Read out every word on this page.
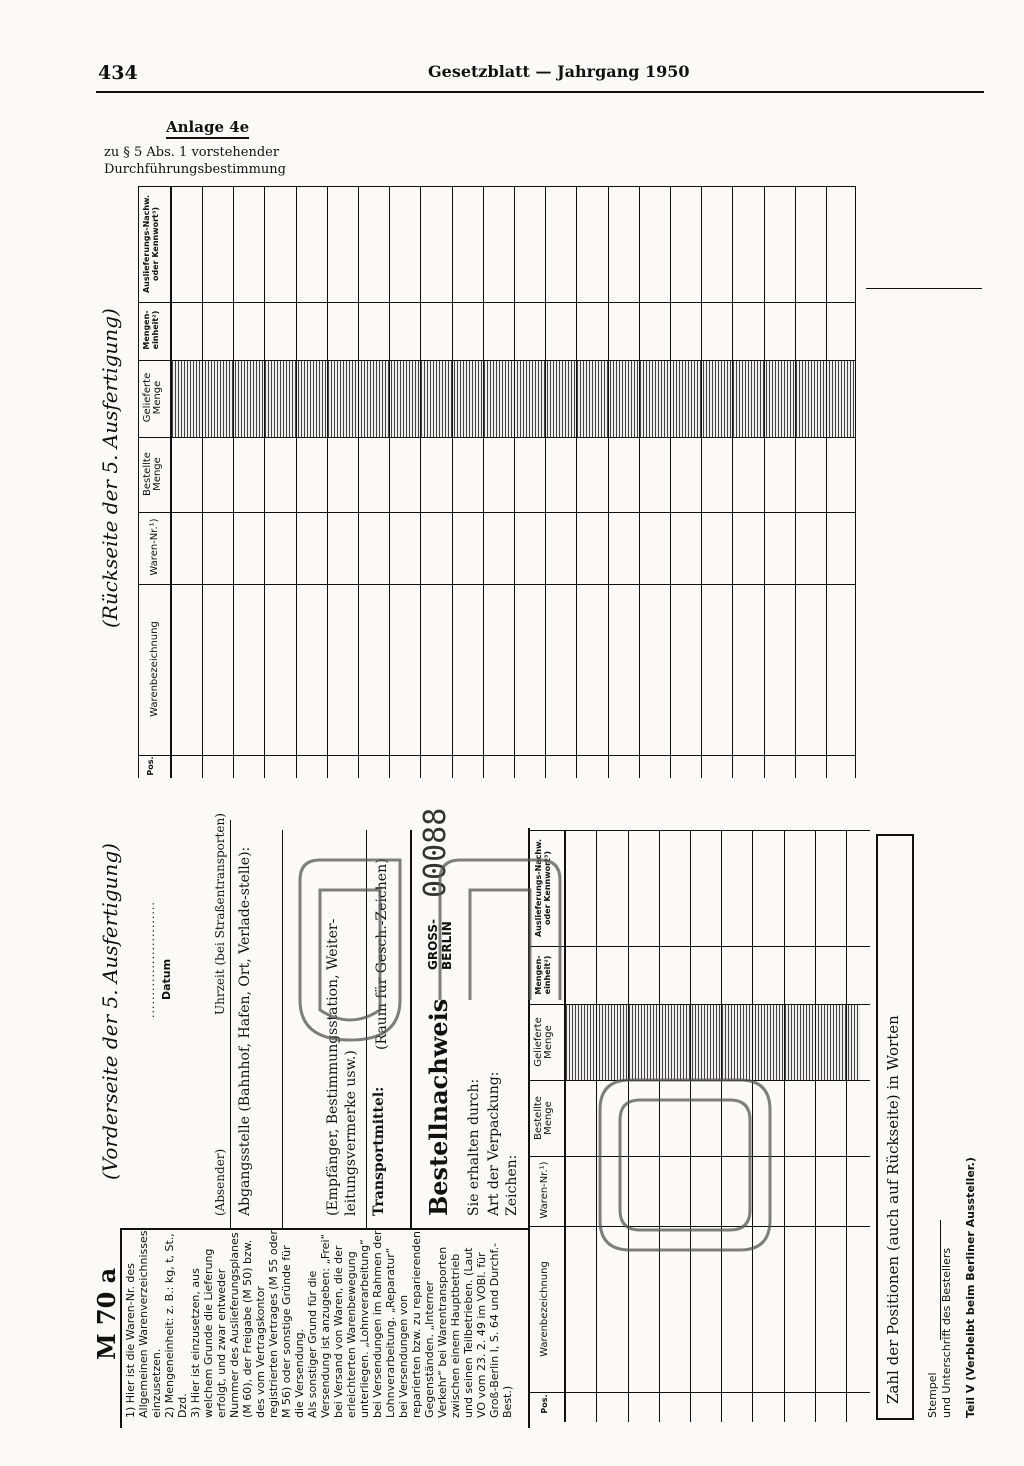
434	Gesetzblatt — Jahrgang 1950
Anlage 4e
zu § 5 Abs. 1 vorstehender
Durchführungsbestimmung
(Rückseite der 5. Ausfertigung)
Pos.
Warenbezeichnung
Waren-Nr.¹)
Bestellte Menge
Gelieferte Menge
Mengen-einheit²)
Auslieferungs-Nachw. oder Kennwort³)
(Vorderseite der 5. Ausfertigung)
M 70 a 1) Hier ist die Waren-Nr. des Allgemeinen Warenverzeichnisses einzusetzen. 2) Mengeneinheit: z. B.: kg, t, St., Dzd. 3) Hier ist einzusetzen, aus welchem Grunde die Lieferung erfolgt, und zwar entweder Nummer des Auslieferungsplanes (M 60), der Freigabe (M 50) bzw. des vom Vertragskontor registrierten Vertrages (M 55 oder M 56) oder sonstige Gründe für die Versendung. Als sonstiger Grund für die Versendung ist anzugeben: „Frei“ bei Versand von Waren, die der erleichterten Warenbewegung unterliegen. „Lohnverarbeitung“ bei Versendungen im Rahmen der Lohnverarbeitung. „Reparatur“ bei Versendungen von reparierten bzw. zu reparierenden Gegenständen. „Interner Verkehr“ bei Warentransporten zwischen einem Hauptbetrieb und seinen Teilbetrieben. (Laut VO vom 23. 2. 49 im VOBl. für Groß-Berlin I, S. 64 und Durchf.-Best.)
.......................... Datum
(Absender)
Uhrzeit (bei Straßentransporten) Abgangsstelle (Bahnhof, Hafen, Ort, Verlade-stelle):	(Empfänger, Bestimmungsstation, Weiter-leitungsvermerke usw.) Transportmittel:
(Raum für Gesch.-Zeichen)
Bestellnachweis
GROSS-BERLIN
00088
Sie erhalten durch: Art der Verpackung: Zeichen:
Pos.
Warenbezeichnung
Waren-Nr.¹)
Bestellte Menge
Gelieferte Menge
Mengen-einheit²)
Auslieferungs-Nachw. oder Kennwort³)
Zahl der Positionen (auch auf Rückseite) in Worten Stempel und Unterschrift des Bestellers Teil V (Verbleibt beim Berliner Aussteller.)
